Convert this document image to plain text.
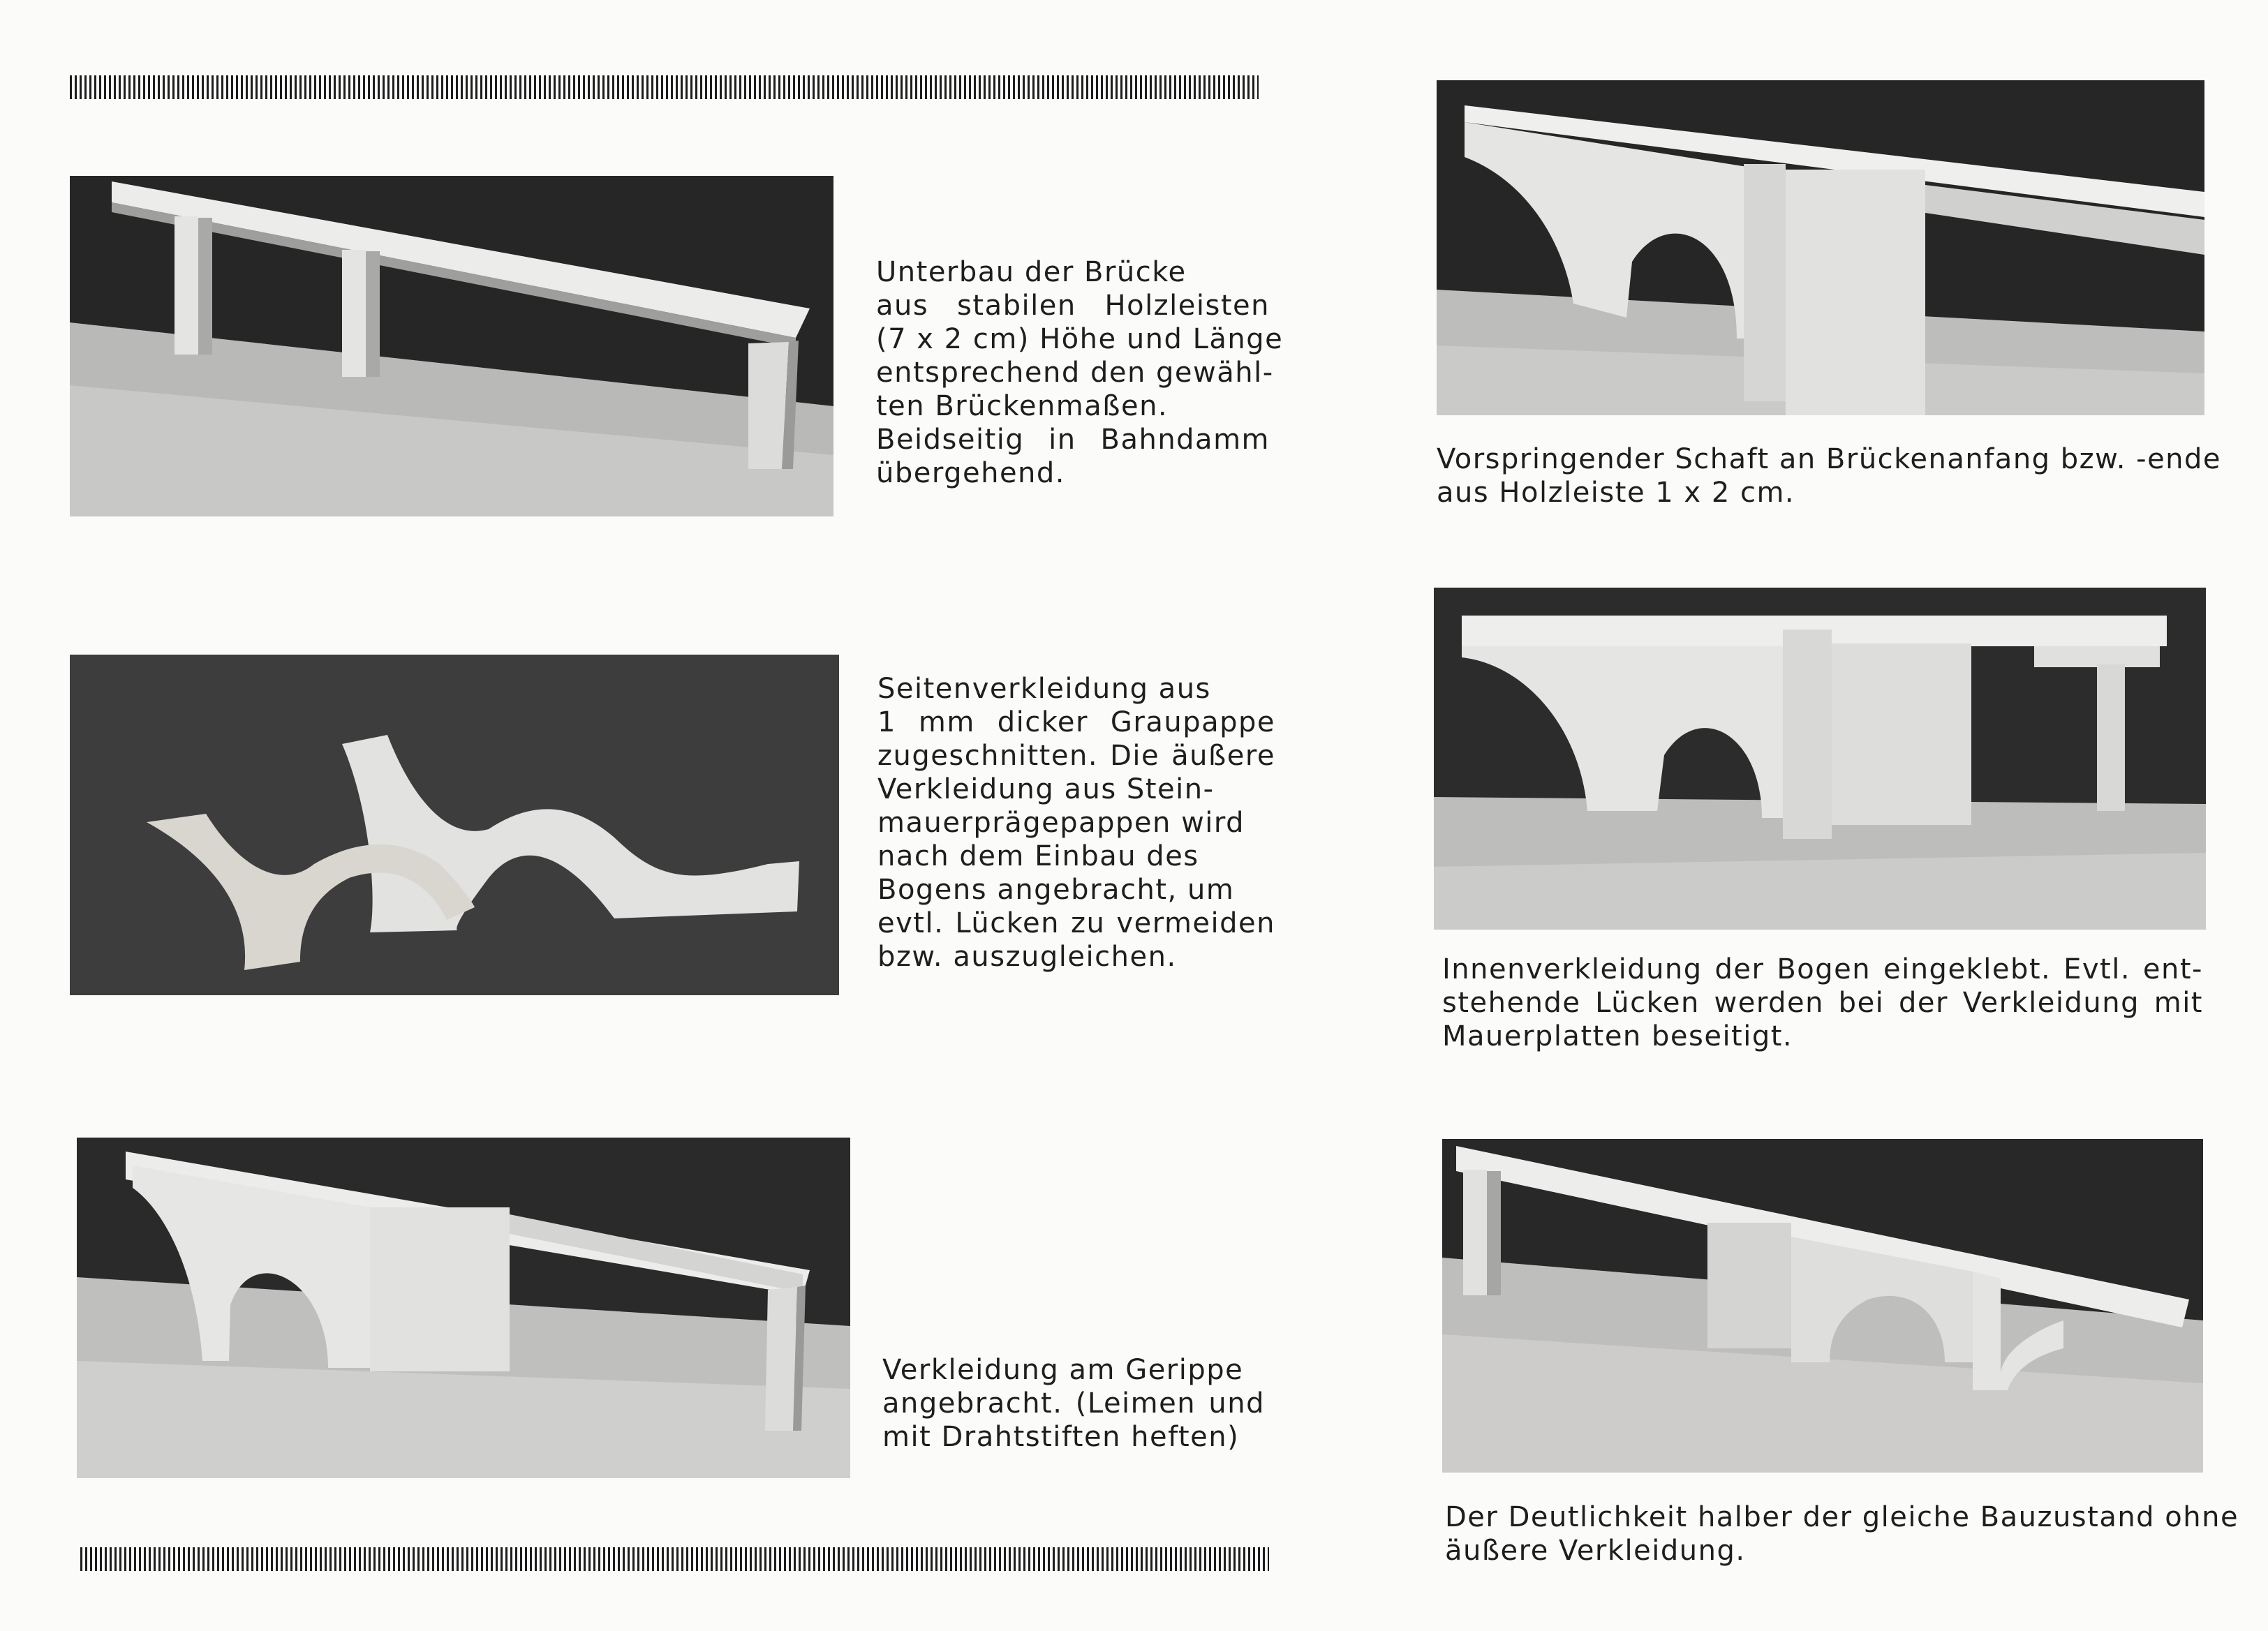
Unterbau der Brücke
aus stabilen Holzleisten
(7 x 2 cm) Höhe und Länge
entsprechend den gewähl-
ten Brückenmaßen.
Beidseitig in Bahndamm
übergehend.
Seitenverkleidung aus
1 mm dicker Graupappe
zugeschnitten. Die äußere
Verkleidung aus Stein-
mauerprägepappen wird
nach dem Einbau des
Bogens angebracht, um
evtl. Lücken zu vermeiden
bzw. auszugleichen.
Verkleidung am Gerippe
angebracht. (Leimen und
mit Drahtstiften heften)
Vorspringender Schaft an Brückenanfang bzw. -ende
aus Holzleiste 1 x 2 cm.
Innenverkleidung der Bogen eingeklebt. Evtl. ent-
stehende Lücken werden bei der Verkleidung mit
Mauerplatten beseitigt.
Der Deutlichkeit halber der gleiche Bauzustand ohne
äußere Verkleidung.
